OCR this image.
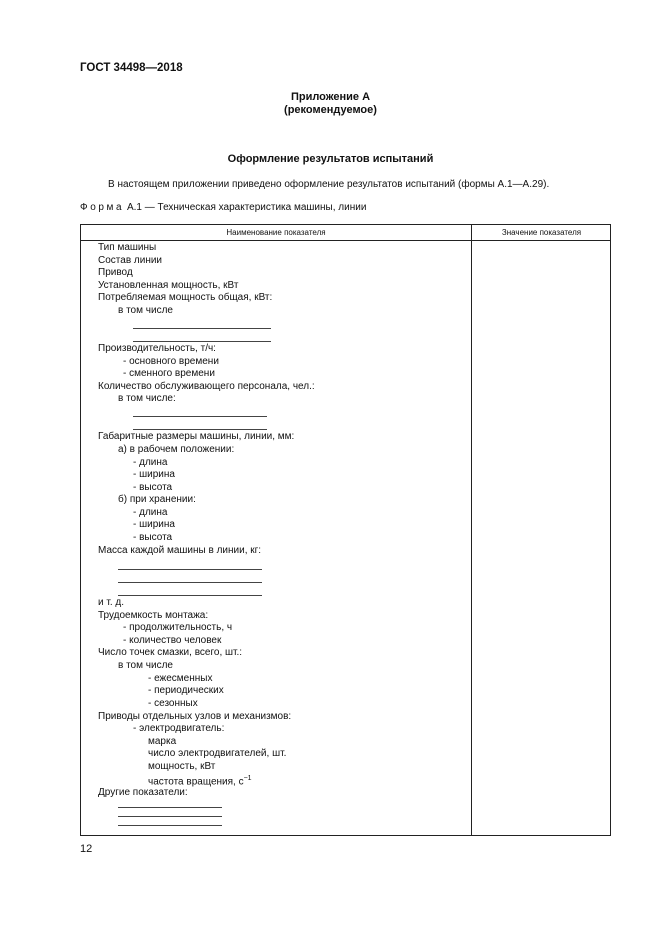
ГОСТ 34498—2018
Приложение А
(рекомендуемое)
Оформление результатов испытаний
В настоящем приложении приведено оформление результатов испытаний (формы А.1—А.29).
Форма А.1 — Техническая характеристика машины, линии
Наименование показателя	Значение показателя
Тип машины
Состав линии
Привод
Установленная мощность, кВт
Потребляемая мощность общая, кВт:
в том числе
Производительность, т/ч:
- основного времени
- сменного времени
Количество обслуживающего персонала, чел.:
в том числе:
Габаритные размеры машины, линии, мм:
а) в рабочем положении:
- длина
- ширина
- высота
б) при хранении:
- длина
- ширина
- высота
Масса каждой машины в линии, кг:
и т. д.
Трудоемкость монтажа:
- продолжительность, ч
- количество человек
Число точек смазки, всего, шт.:
в том числе
- ежесменных
- периодических
- сезонных
Приводы отдельных узлов и механизмов:
- электродвигатель:
марка
число электродвигателей, шт.
мощность, кВт
частота вращения, $с^{-1}$
Другие показатели:
12
